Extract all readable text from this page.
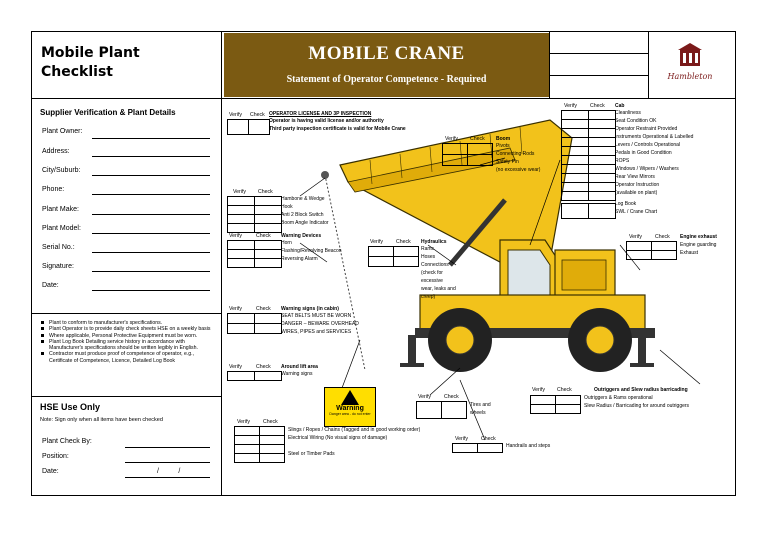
Mobile Plant
Checklist
MOBILE CRANE
Statement of Operator Competence - Required	Hambleton
Supplier Verification & Plant Details
Plant Owner:
Address:
City/Suburb:
Phone:
Plant Make:
Plant Model:
Serial No.:
Signature:
Date:
Plant to conform to manufacturer's specifications.
Plant Operator is to provide daily check sheets HSE on a weekly basis
Where applicable, Personal Protective Equipment must be worn.
Plant Log Book Detailing service history in accordance with Manufacturer's specifications should be written legibly in English.
Contractor must produce proof of competence of operator, e.g., Certificate of Competence, Licence, Detailed Log Book
HSE Use Only
Note: Sign only when all items have been checked
Plant Check By:
Position:
Date:	/          /
Warning
Danger area - do not enter
Verify Check
	OPERATOR LICENSE AND 3P INSPECTION
Operator is having valid license and/or authority
Third party inspection certificate is valid for Mobile Crane
Verify Check

Hambone & Wedge
Hook
Anti 2 Block Switch
Boom Angle Indicator
Verify	Check

	Warning Devices
Horn
Flashing/Revolving Beacon
Reversing Alarm
Verify Check

	Boom
Pivots
Connecting Rods
Safety Pin
(no excessive wear)
Verify	Check

	Hydraulics
Rams
Hoses
Connections
(check for
excessive
wear, leaks and
creep)
Verify	Check

	Cab
Cleanliness
Seat Condition OK
Operator Restraint Provided
Instruments Operational & Labelled
Levers / Controls Operational
Pedals in Good Condition
ROPS
Windows / Wipers / Washers
Rear View Mirrors
Operator Instruction
(available on plant)
Log Book
SWL / Crane Chart
Verify	Check

	Engine exhaust
Engine guarding
Exhaust
Verify	Check

	Warning signs (in cabin)
SEAT BELTS MUST BE WORN
DANGER – BEWARE OVERHEAD
WIRES, PIPES and SERVICES
Verify	Check
	Around lift area
Warning signs
Verify	Check

Slings / Ropes / Chains (Tagged and in good working order)
Electrical Wiring (No visual signs of damage)
Steel or Timber Pads
Verify	Check

Tires and
wheels
Verify Check

		Outriggers and Slew radius barricading
Outriggers & Rams operational
Slew Radius / Barricading for around outriggers
Verify	Check

Handrails and steps
